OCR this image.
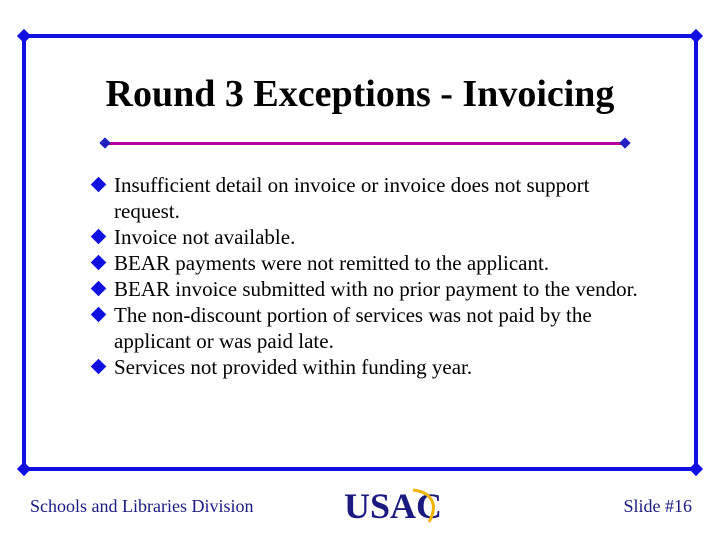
Round 3 Exceptions - Invoicing
Insufficient detail on invoice or invoice does not support request.
Invoice not available.
BEAR payments were not remitted to the applicant.
BEAR invoice submitted with no prior payment to the vendor.
The non-discount portion of services was not paid by the applicant or was paid late.
Services not provided within funding year.
Schools and Libraries Division	USAC	Slide #16
